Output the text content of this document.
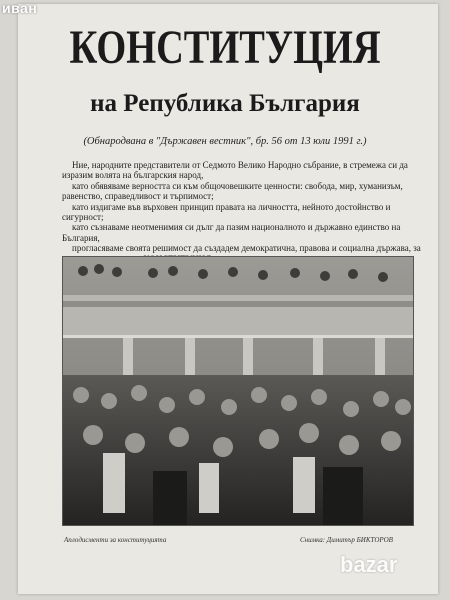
иван
КОНСТИТУЦИЯ
на Република България
(Обнародвана в "Държавен вестник", бр. 56 от 13 юли 1991 г.)

Ние, народните представители от Седмото Велико Народно събрание, в стремежа си да изразим волята на българския народ,

като обявяваме верността си към общочовешките ценности: свобода, мир, хуманизъм, равенство, справедливост и търпимост;

като издигаме във върховен принцип правата на личността, нейното достойнство и сигурност;

като съзнаваме неотменимия си дълг да пазим националното и държавно единство на България,

прогласяваме своята решимост да създадем демократична, правова и социална държава, за

Аплодисменти за конституцията	Снимка: Димитър БИКТОРОВ
bazar
